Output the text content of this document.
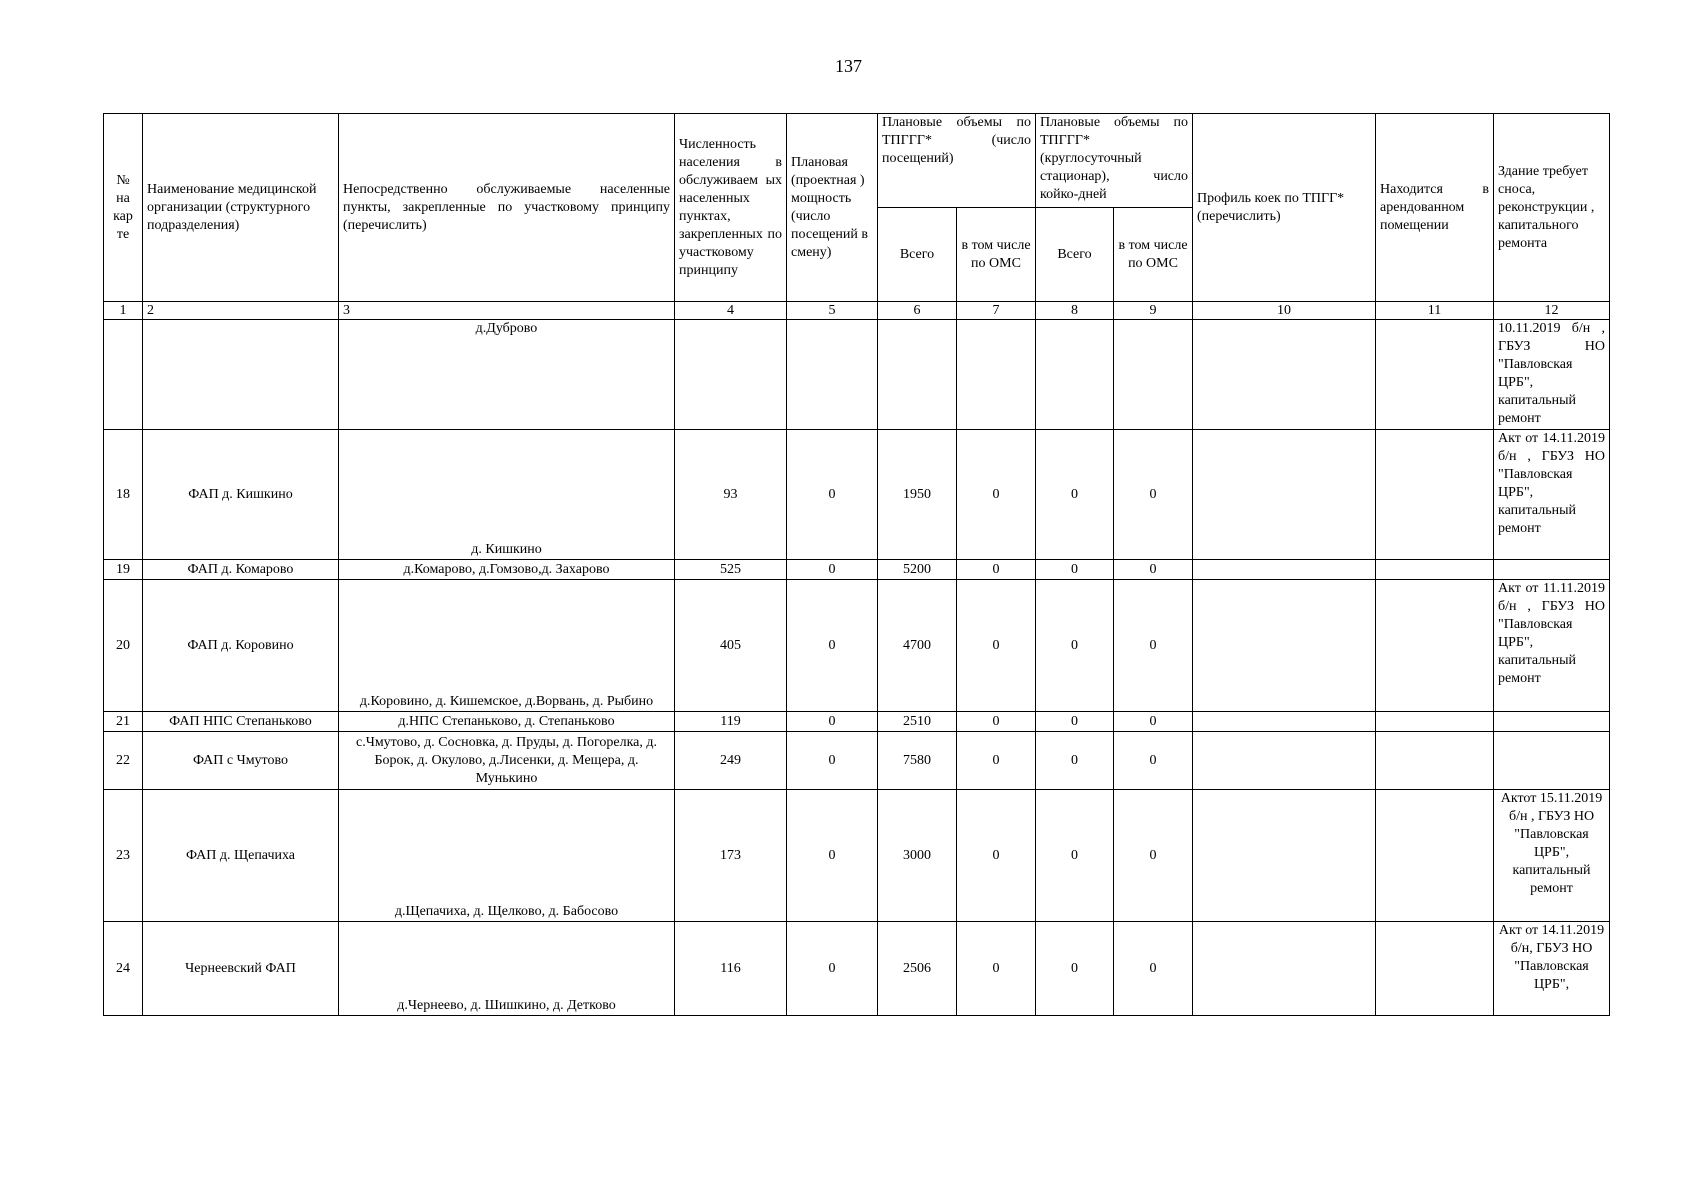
137
№ на кар те	Наименование медицинской организации (структурного подразделения)	Непосредственно обслуживаемые населенные пункты, закрепленные по участковому принципу (перечислить)	Численность населения в обслуживаем ых населенных пунктах, закрепленных по участковому принципу	Плановая (проектная ) мощность (число посещений в смену)	Плановые объемы по ТПГГГ* (число посещений)		Плановые объемы по ТПГГГ* (круглосуточный стационар), число койко-дней		Профиль коек по ТПГГ* (перечислить)	Находится в арендованном помещении	Здание требует сноса, реконструкции , капитального ремонта
					Всего	в том числе по ОМС	Всего	в том числе по ОМС			
1	2	3	4	5	6	7	8	9	10	11	12
		д.Дуброво									10.11.2019 б/н , ГБУЗ НО "Павловская ЦРБ", капитальный ремонт
18	ФАП д. Кишкино	д. Кишкино	93	0	1950	0	0	0			Акт от 14.11.2019 б/н , ГБУЗ НО "Павловская ЦРБ", капитальный ремонт
19	ФАП д. Комарово	д.Комарово, д.Гомзово,д. Захарово	525	0	5200	0	0	0			
20	ФАП д. Коровино	д.Коровино, д. Кишемское, д.Ворвань, д. Рыбино	405	0	4700	0	0	0			Акт от 11.11.2019 б/н , ГБУЗ НО "Павловская ЦРБ", капитальный ремонт
21	ФАП НПС Степаньково	д.НПС Степаньково, д. Степаньково	119	0	2510	0	0	0			
22	ФАП с Чмутово	с.Чмутово, д. Сосновка, д. Пруды, д. Погорелка, д. Борок, д. Окулово, д.Лисенки, д. Мещера, д. Мунькино	249	0	7580	0	0	0			
23	ФАП д. Щепачиха	д.Щепачиха, д. Щелково, д. Бабосово	173	0	3000	0	0	0			Актот 15.11.2019 б/н , ГБУЗ НО "Павловская ЦРБ", капитальный ремонт
24	Чернеевский ФАП	д.Чернеево, д. Шишкино, д. Детково	116	0	2506	0	0	0			Акт от 14.11.2019 б/н, ГБУЗ НО "Павловская ЦРБ",
